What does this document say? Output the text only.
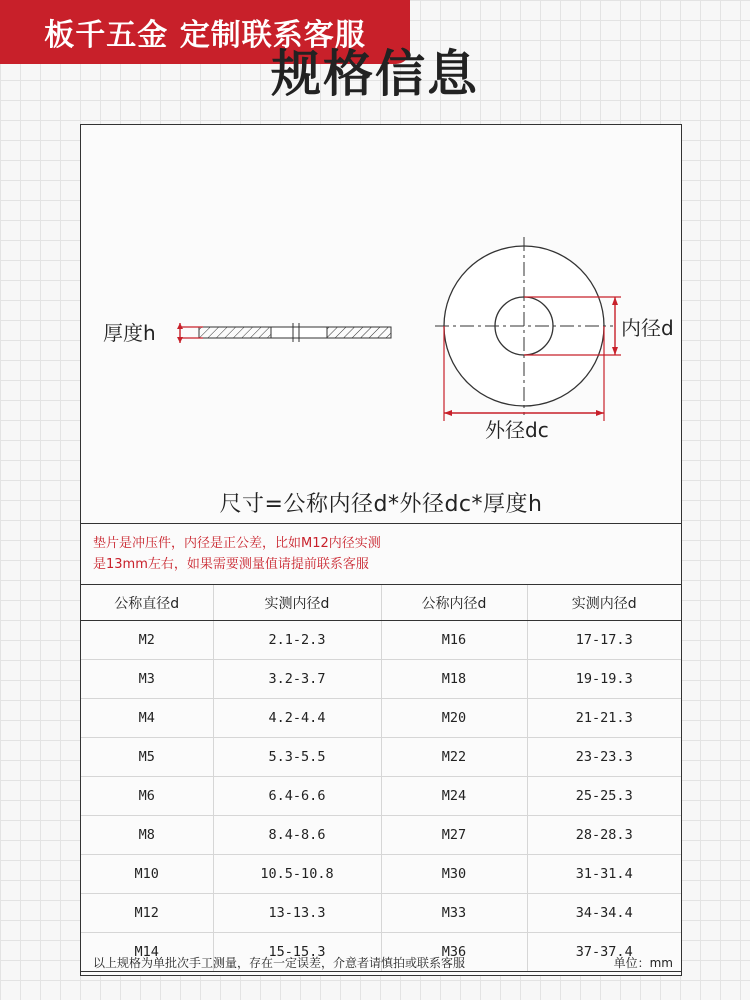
板千五金 定制联系客服
规格信息
厚度h	内径d
外径dc
尺寸=公称内径d*外径dc*厚度h
垫片是冲压件，内径是正公差，比如M12内径实测
是13mm左右，如果需要测量值请提前联系客服
公称直径d	实测内径d	公称内径d	实测内径d
M2	2.1-2.3	M16	17-17.3
M3	3.2-3.7	M18	19-19.3
M4	4.2-4.4	M20	21-21.3
M5	5.3-5.5	M22	23-23.3
M6	6.4-6.6	M24	25-25.3
M8	8.4-8.6	M27	28-28.3
M10	10.5-10.8	M30	31-31.4
M12	13-13.3	M33	34-34.4
M14	15-15.3	M36	37-37.4
以上规格为单批次手工测量，存在一定误差，介意者请慎拍或联系客服	单位：mm
